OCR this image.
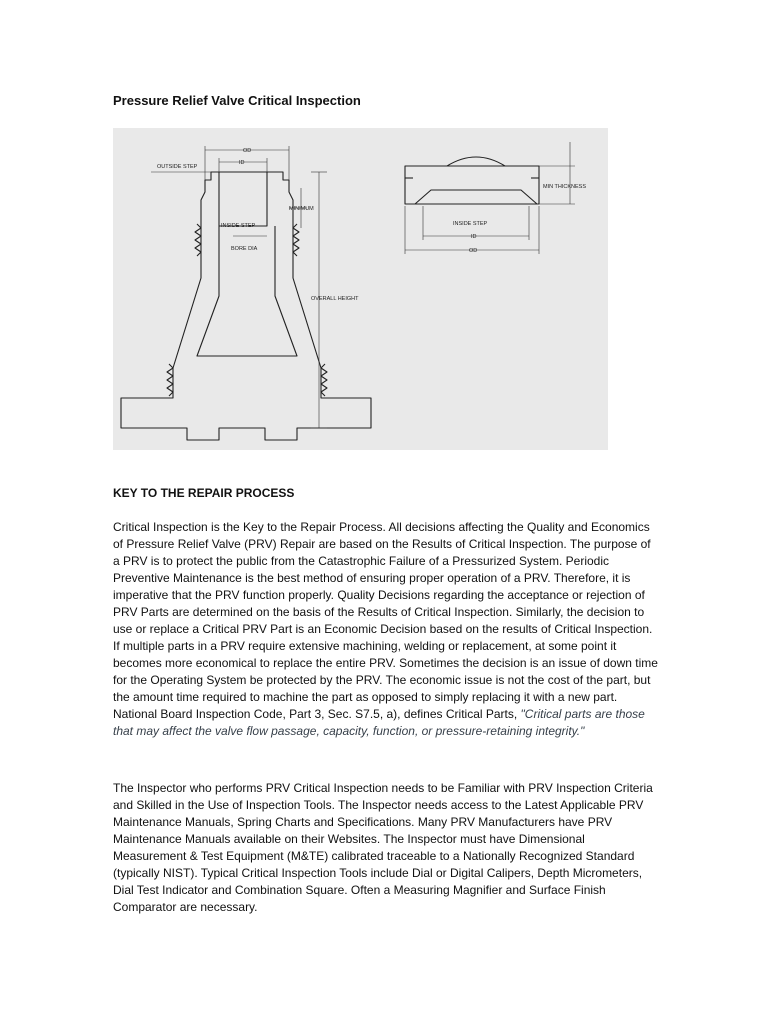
Pressure Relief Valve Critical Inspection
OD
ID
OUTSIDE STEP
MINIMUM
INSIDE STEP
BORE DIA
OVERALL HEIGHT
MIN THICKNESS
INSIDE STEP
ID
OD
KEY TO THE REPAIR PROCESS

Critical Inspection is the Key to the Repair Process. All decisions affecting the Quality and Economics of Pressure Relief Valve (PRV) Repair are based on the Results of Critical Inspection. The purpose of a PRV is to protect the public from the Catastrophic Failure of a Pressurized System. Periodic Preventive Maintenance is the best method of ensuring proper operation of a PRV. Therefore, it is imperative that the PRV function properly. Quality Decisions regarding the acceptance or rejection of PRV Parts are determined on the basis of the Results of Critical Inspection. Similarly, the decision to use or replace a Critical PRV Part is an Economic Decision based on the results of Critical Inspection. If multiple parts in a PRV require extensive machining, welding or replacement, at some point it becomes more economical to replace the entire PRV. Sometimes the decision is an issue of down time for the Operating System be protected by the PRV. The economic issue is not the cost of the part, but the amount time required to machine the part as opposed to simply replacing it with a new part. National Board Inspection Code, Part 3, Sec. S7.5, a), defines Critical Parts, "Critical parts are those that may affect the valve flow passage, capacity, function, or pressure-retaining integrity."

The Inspector who performs PRV Critical Inspection needs to be Familiar with PRV Inspection Criteria and Skilled in the Use of Inspection Tools. The Inspector needs access to the Latest Applicable PRV Maintenance Manuals, Spring Charts and Specifications. Many PRV Manufacturers have PRV Maintenance Manuals available on their Websites. The Inspector must have Dimensional Measurement & Test Equipment (M&TE) calibrated traceable to a Nationally Recognized Standard (typically NIST). Typical Critical Inspection Tools include Dial or Digital Calipers, Depth Micrometers, Dial Test Indicator and Combination Square. Often a Measuring Magnifier and Surface Finish Comparator are necessary.
